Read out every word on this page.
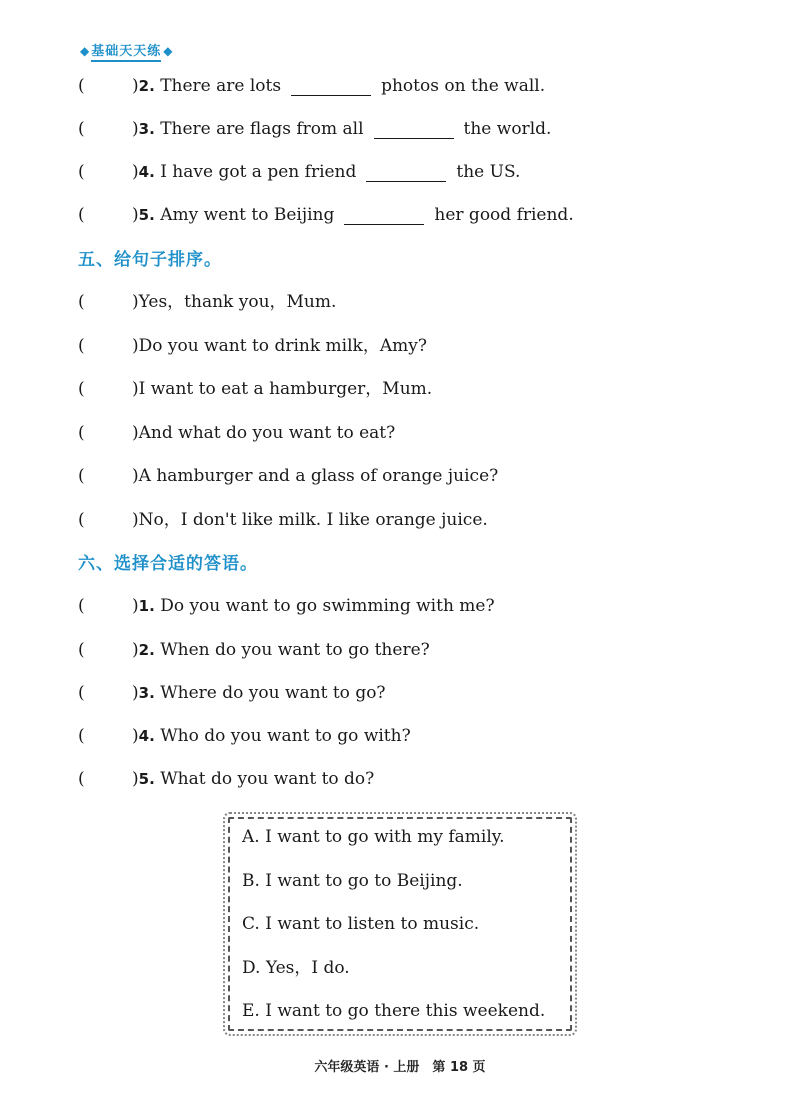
◆ 基础天天练 ◆
(	) 2.
There are lots	photos on the wall.
(	) 3.
There are flags from all	the world.
(	) 4.
I have got a pen friend	the US.
(	) 5.
Amy went to Beijing	her good friend.
五、给句子排序。
(	) Yes，thank you，Mum.
(	) Do you want to drink milk，Amy?
(	) I want to eat a hamburger，Mum.
(	) And what do you want to eat?
(	) A hamburger and a glass of orange juice?
(	) No，I don't like milk. I like orange juice.
六、选择合适的答语。
(	) 1.
Do you want to go swimming with me?
(	) 2.
When do you want to go there?
(	) 3.
Where do you want to go?
(	) 4.
Who do you want to go with?
(	) 5.
What do you want to do?
A. I want to go with my family.
B. I want to go to Beijing.
C. I want to listen to music.
D. Yes，I do.
E. I want to go there this weekend.
六年级英语 · 上册　第 18 页
